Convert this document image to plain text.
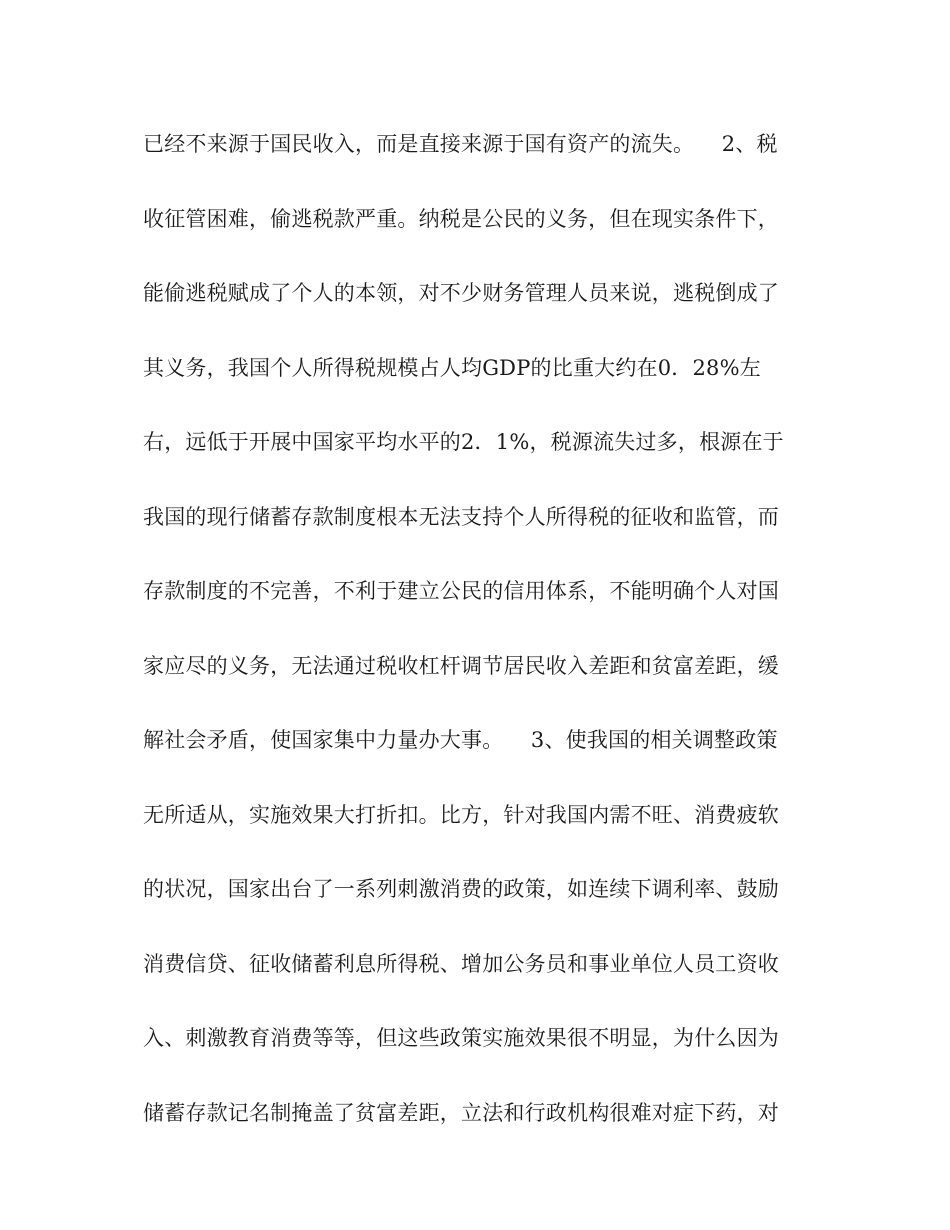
已经不来源于国民收入，而是直接来源于国有资产的流失。    2、税
收征管困难，偷逃税款严重。纳税是公民的义务，但在现实条件下，
能偷逃税赋成了个人的本领，对不少财务管理人员来说，逃税倒成了
其义务，我国个人所得税规模占人均GDP的比重大约在0．28%左
右，远低于开展中国家平均水平的2．1%，税源流失过多，根源在于
我国的现行储蓄存款制度根本无法支持个人所得税的征收和监管，而
存款制度的不完善，不利于建立公民的信用体系，不能明确个人对国
家应尽的义务，无法通过税收杠杆调节居民收入差距和贫富差距，缓
解社会矛盾，使国家集中力量办大事。    3、使我国的相关调整政策
无所适从，实施效果大打折扣。比方，针对我国内需不旺、消费疲软
的状况，国家出台了一系列刺激消费的政策，如连续下调利率、鼓励
消费信贷、征收储蓄利息所得税、增加公务员和事业单位人员工资收
入、刺激教育消费等等，但这些政策实施效果很不明显，为什么因为
储蓄存款记名制掩盖了贫富差距，立法和行政机构很难对症下药，对
